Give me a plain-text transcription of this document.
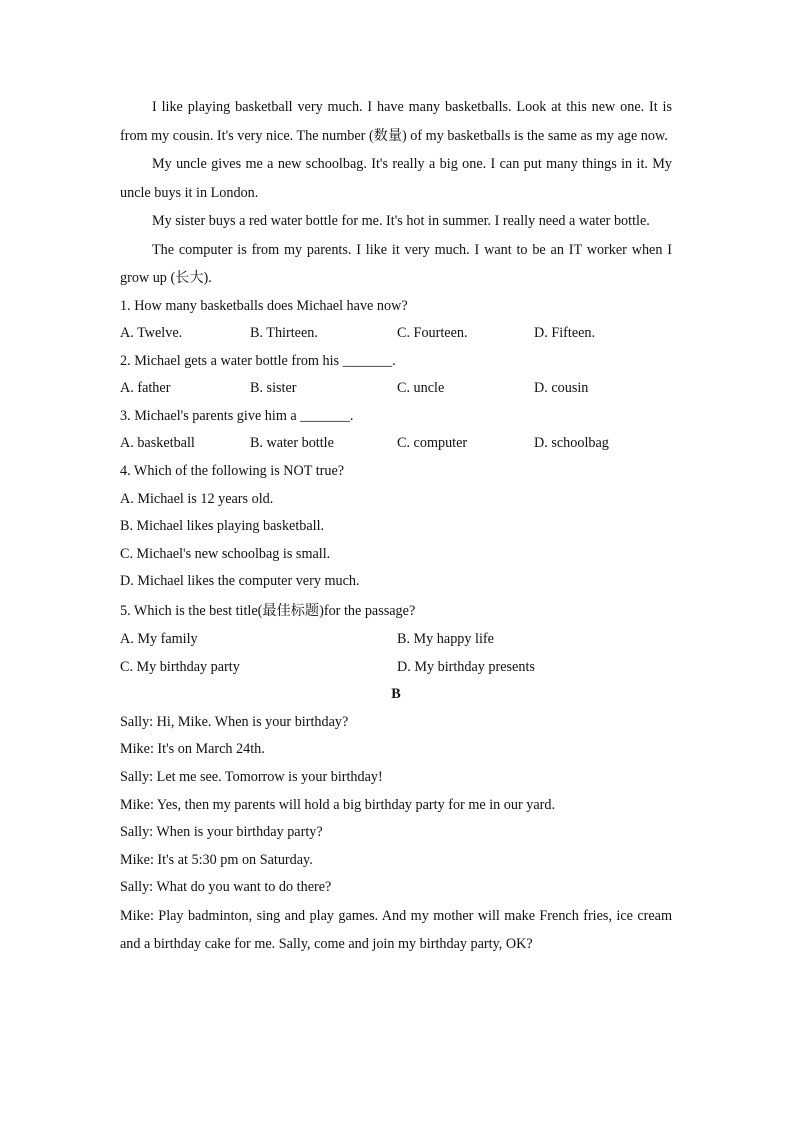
I like playing basketball very much. I have many basketballs. Look at this new one. It is from my cousin. It's very nice. The number (数量) of my basketballs is the same as my age now.

My uncle gives me a new schoolbag. It's really a big one. I can put many things in it. My uncle buys it in London.

My sister buys a red water bottle for me. It's hot in summer. I really need a water bottle.

The computer is from my parents. I like it very much. I want to be an IT worker when I grow up (长大).

1. How many basketballs does Michael have now?

A. Twelve.	B. Thirteen.	C. Fourteen.	D. Fifteen.

2. Michael gets a water bottle from his _______.

A. father	B. sister	C. uncle	D. cousin

3. Michael's parents give him a _______.

A. basketball	B. water bottle	C. computer	D. schoolbag

4. Which of the following is NOT true?

A. Michael is 12 years old.

B. Michael likes playing basketball.

C. Michael's new schoolbag is small.

D. Michael likes the computer very much.

5. Which is the best title(最佳标题)for the passage?

A. My family	B. My happy life
C. My birthday party	D. My birthday presents

B

Sally: Hi, Mike. When is your birthday?

Mike: It's on March 24th.

Sally: Let me see. Tomorrow is your birthday!

Mike: Yes, then my parents will hold a big birthday party for me in our yard.

Sally: When is your birthday party?

Mike: It's at 5:30 pm on Saturday.

Sally: What do you want to do there?

Mike: Play badminton, sing and play games. And my mother will make French fries, ice cream and a birthday cake for me. Sally, come and join my birthday party, OK?
